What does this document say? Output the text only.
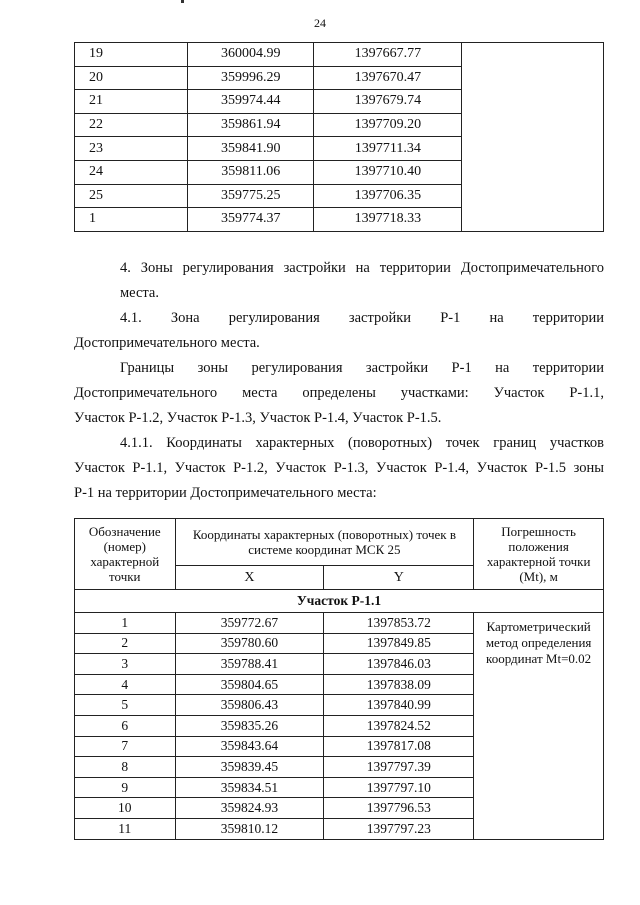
24
19	360004.99	1397667.77	
20	359996.29	1397670.47	
21	359974.44	1397679.74	
22	359861.94	1397709.20	
23	359841.90	1397711.34	
24	359811.06	1397710.40	
25	359775.25	1397706.35	
1	359774.37	1397718.33	
4. Зоны регулирования застройки на территории Достопримечательного
места.
4.1. Зона регулирования застройки Р-1 на территории
Достопримечательного места.
Границы зоны регулирования застройки Р-1 на территории
Достопримечательного места определены участками: Участок Р-1.1,
Участок Р-1.2, Участок Р-1.3, Участок Р-1.4, Участок Р-1.5.
4.1.1. Координаты характерных (поворотных) точек границ участков
Участок Р-1.1, Участок Р-1.2, Участок Р-1.3, Участок Р-1.4, Участок Р-1.5 зоны
Р-1 на территории Достопримечательного места:
Обозначение (номер) характерной точки	Координаты характерных (поворотных) точек в системе координат МСК 25		Погрешность положения характерной точки (Mt), м
	X	Y	
Участок Р-1.1			
1	359772.67	1397853.72	Картометрический метод определения координат Mt=0.02
2	359780.60	1397849.85	
3	359788.41	1397846.03	
4	359804.65	1397838.09	
5	359806.43	1397840.99	
6	359835.26	1397824.52	
7	359843.64	1397817.08	
8	359839.45	1397797.39	
9	359834.51	1397797.10	
10	359824.93	1397796.53	
11	359810.12	1397797.23	
